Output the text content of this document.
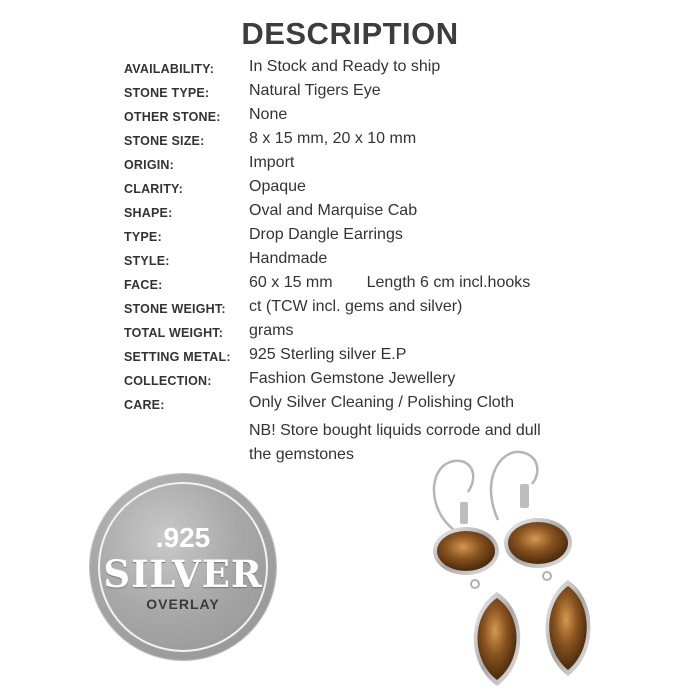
DESCRIPTION
AVAILABILITY: In Stock and Ready to ship
STONE TYPE: Natural Tigers Eye
OTHER STONE: None
STONE SIZE:	8 x 15 mm, 20 x 10 mm
ORIGIN:	Import
CLARITY:	Opaque
SHAPE:	Oval and Marquise Cab
TYPE:	Drop Dangle Earrings
STYLE:	Handmade
FACE:	60 x 15 mm Length 6 cm incl.hooks
STONE WEIGHT: ct (TCW incl. gems and silver)
TOTAL WEIGHT: grams
SETTING METAL: 925 Sterling silver E.P
COLLECTION: Fashion Gemstone Jewellery
CARE:	Only Silver Cleaning / Polishing Cloth
NB! Store bought liquids corrode and dull
the gemstones
.925
SILVER
OVERLAY
